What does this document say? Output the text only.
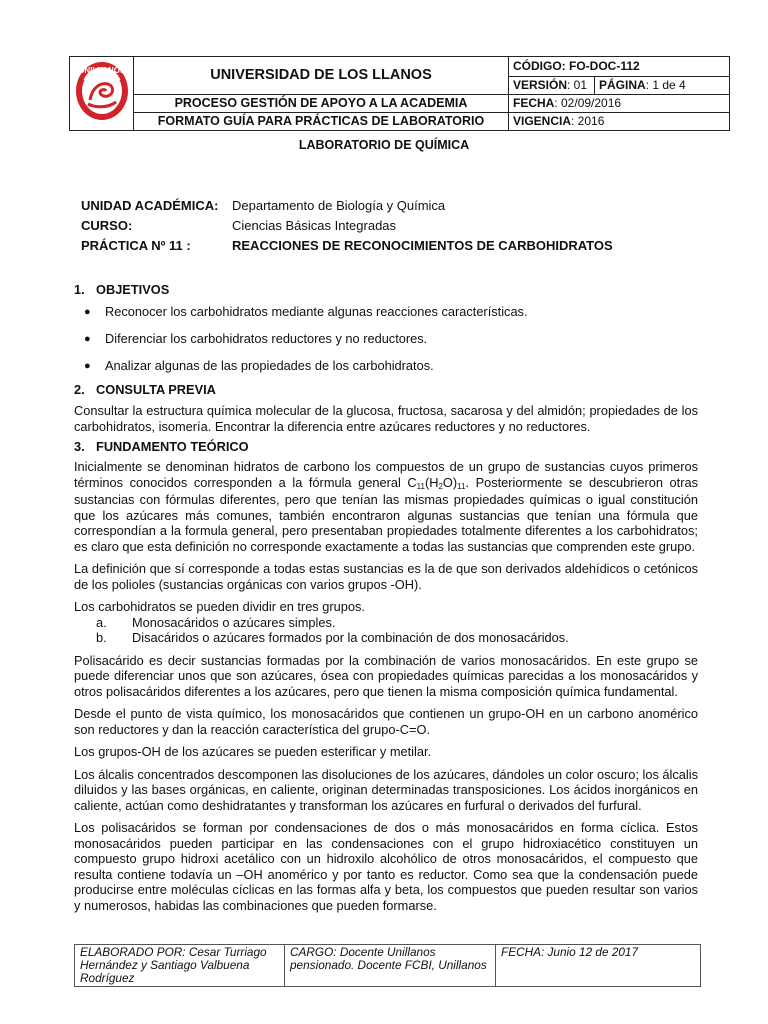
UNILLANOS	UNIVERSIDAD DE LOS LLANOS	CÓDIGO: FO-DOC-112	
		VERSIÓN: 01	PÁGINA: 1 de 4
	PROCESO GESTIÓN DE APOYO A LA ACADEMIA	FECHA: 02/09/2016	
	FORMATO GUÍA PARA PRÁCTICAS DE LABORATORIO	VIGENCIA: 2016	
LABORATORIO DE QUÍMICA
UNIDAD ACADÉMICA:	Departamento de Biología y Química
CURSO:	Ciencias Básicas Integradas
PRÁCTICA Nº 11 :	REACCIONES DE RECONOCIMIENTOS DE CARBOHIDRATOS
1. OBJETIVOS
●	Reconocer los carbohidratos mediante algunas reacciones características.
●	Diferenciar los carbohidratos reductores y no reductores.
●	Analizar algunas de las propiedades de los carbohidratos.
2. CONSULTA PREVIA

Consultar la estructura química molecular de la glucosa, fructosa, sacarosa y del almidón; propiedades de los carbohidratos, isomería. Encontrar la diferencia entre azúcares reductores y no reductores.

3. FUNDAMENTO TEÓRICO

Inicialmente se denominan hidratos de carbono los compuestos de un grupo de sustancias cuyos primeros términos conocidos corresponden a la fórmula general $C_{11}(H_2O)_{11}$. Posteriormente se descubrieron otras sustancias con fórmulas diferentes, pero que tenían las mismas propiedades químicas o igual constitución que los azúcares más comunes, también encontraron algunas sustancias que tenían una fórmula que correspondían a la formula general, pero presentaban propiedades totalmente diferentes a los carbohidratos; es claro que esta definición no corresponde exactamente a todas las sustancias que comprenden este grupo.

La definición que sí corresponde a todas estas sustancias es la de que son derivados aldehídicos o cetónicos de los polioles (sustancias orgánicas con varios grupos -OH).

Los carbohidratos se pueden dividir en tres grupos.

a.	Monosacáridos o azúcares simples.
b.	Disacáridos o azúcares formados por la combinación de dos monosacáridos.

Polisacárido es decir sustancias formadas por la combinación de varios monosacáridos. En este grupo se puede diferenciar unos que son azúcares, ósea con propiedades químicas parecidas a los monosacáridos y otros polisacáridos diferentes a los azúcares, pero que tienen la misma composición química fundamental.

Desde el punto de vista químico, los monosacáridos que contienen un grupo-OH en un carbono anomérico son reductores y dan la reacción característica del grupo-C=O.

Los grupos-OH de los azúcares se pueden esterificar y metilar.

Los álcalis concentrados descomponen las disoluciones de los azúcares, dándoles un color oscuro; los álcalis diluidos y las bases orgánicas, en caliente, originan determinadas transposiciones. Los ácidos inorgánicos en caliente, actúan como deshidratantes y transforman los azúcares en furfural o derivados del furfural.

Los polisacáridos se forman por condensaciones de dos o más monosacáridos en forma cíclica. Estos monosacáridos pueden participar en las condensaciones con el grupo hidroxiacético constituyen un compuesto grupo hidroxi acetálico con un hidroxilo alcohólico de otros monosacáridos, el compuesto que resulta contiene todavía un –OH anomérico y por tanto es reductor. Como sea que la condensación puede producirse entre moléculas cíclicas en las formas alfa y beta, los compuestos que pueden resultar son varios y numerosos, habidas las combinaciones que pueden formarse.

ELABORADO POR: Cesar Turriago Hernández y Santiago Valbuena Rodríguez	CARGO: Docente Unillanos pensionado. Docente FCBI, Unillanos	FECHA: Junio 12 de 2017
